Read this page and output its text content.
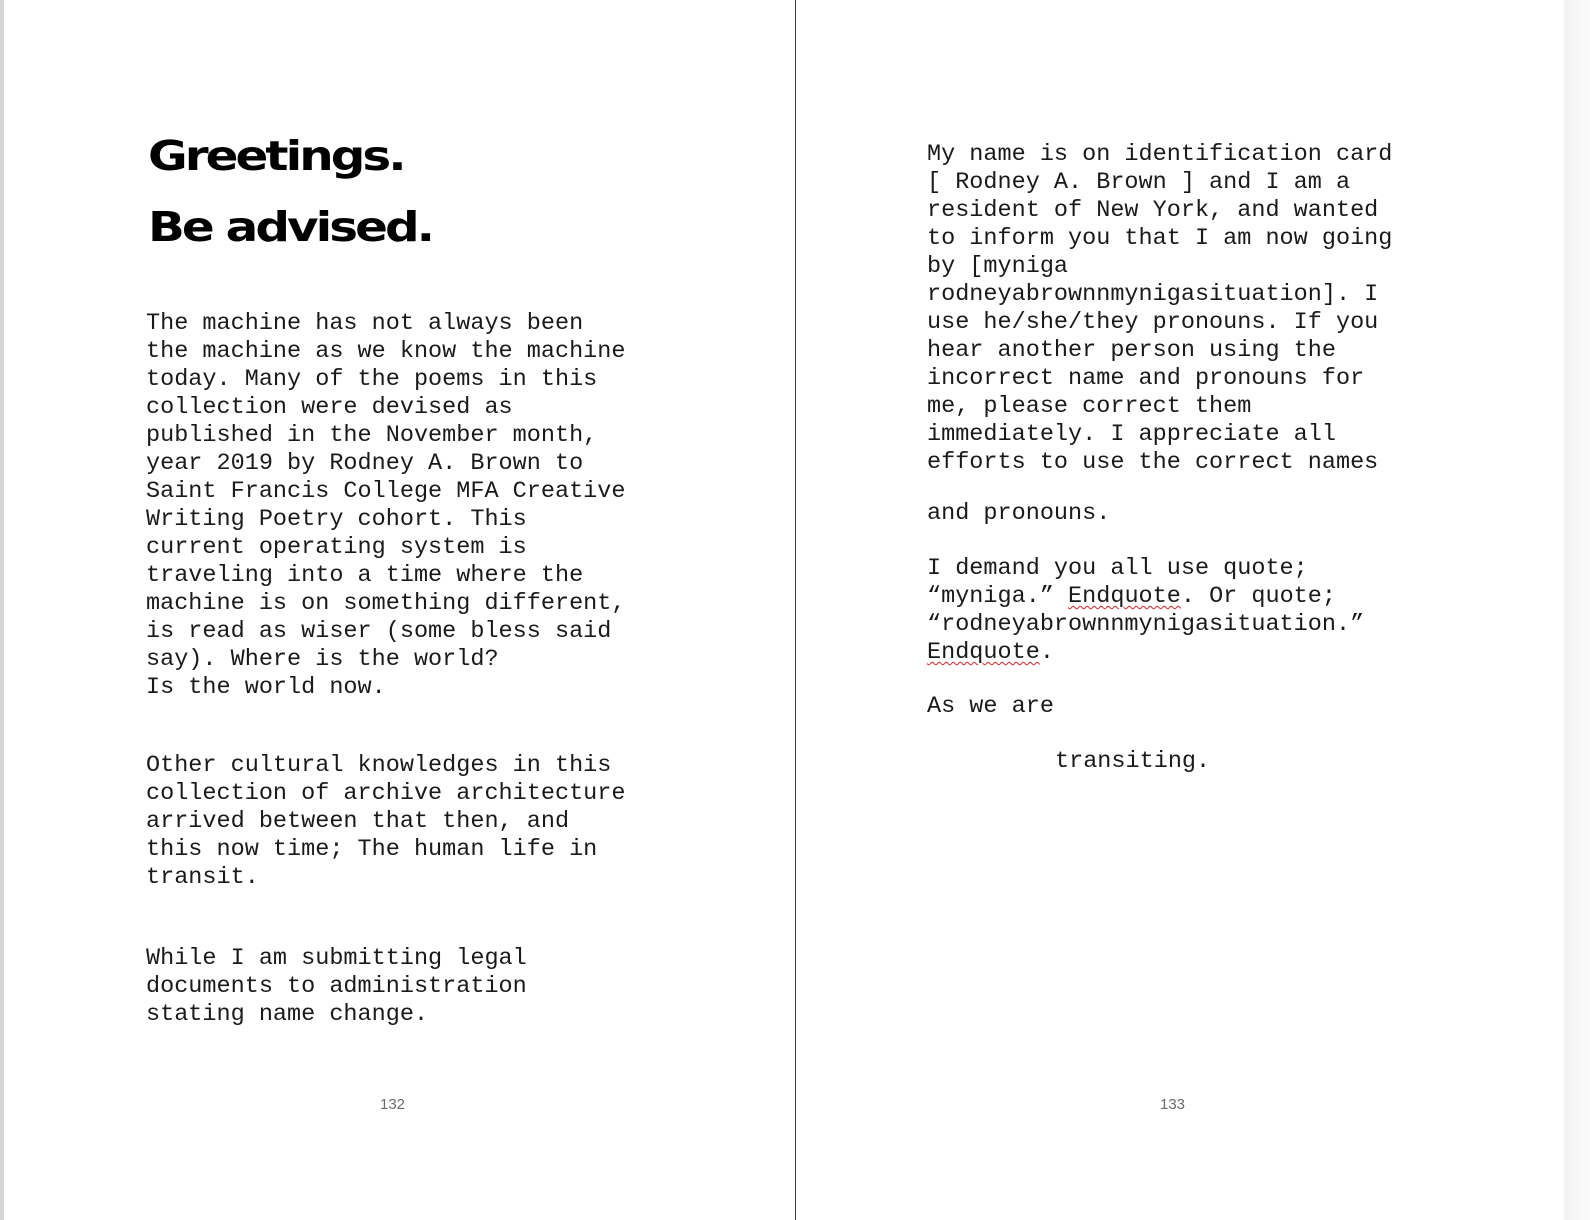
Greetings.
Be advised.

The machine has not always been
the machine as we know the machine
today. Many of the poems in this
collection were devised as
published in the November month,
year 2019 by Rodney A. Brown to
Saint Francis College MFA Creative
Writing Poetry cohort. This
current operating system is
traveling into a time where the
machine is on something different,
is read as wiser (some bless said
say). Where is the world?
Is the world now.

Other cultural knowledges in this
collection of archive architecture
arrived between that then, and
this now time; The human life in
transit.

While I am submitting legal
documents to administration
stating name change.

132

My name is on identification card
[ Rodney A. Brown ] and I am a
resident of New York, and wanted
to inform you that I am now going
by [myniga
rodneyabrownnmynigasituation]. I
use he/she/they pronouns. If you
hear another person using the
incorrect name and pronouns for
me, please correct them
immediately. I appreciate all
efforts to use the correct names

and pronouns.

I demand you all use quote;
“myniga.” Endquote. Or quote;
“rodneyabrownnmynigasituation.”
Endquote.

As we are

transiting.

133
